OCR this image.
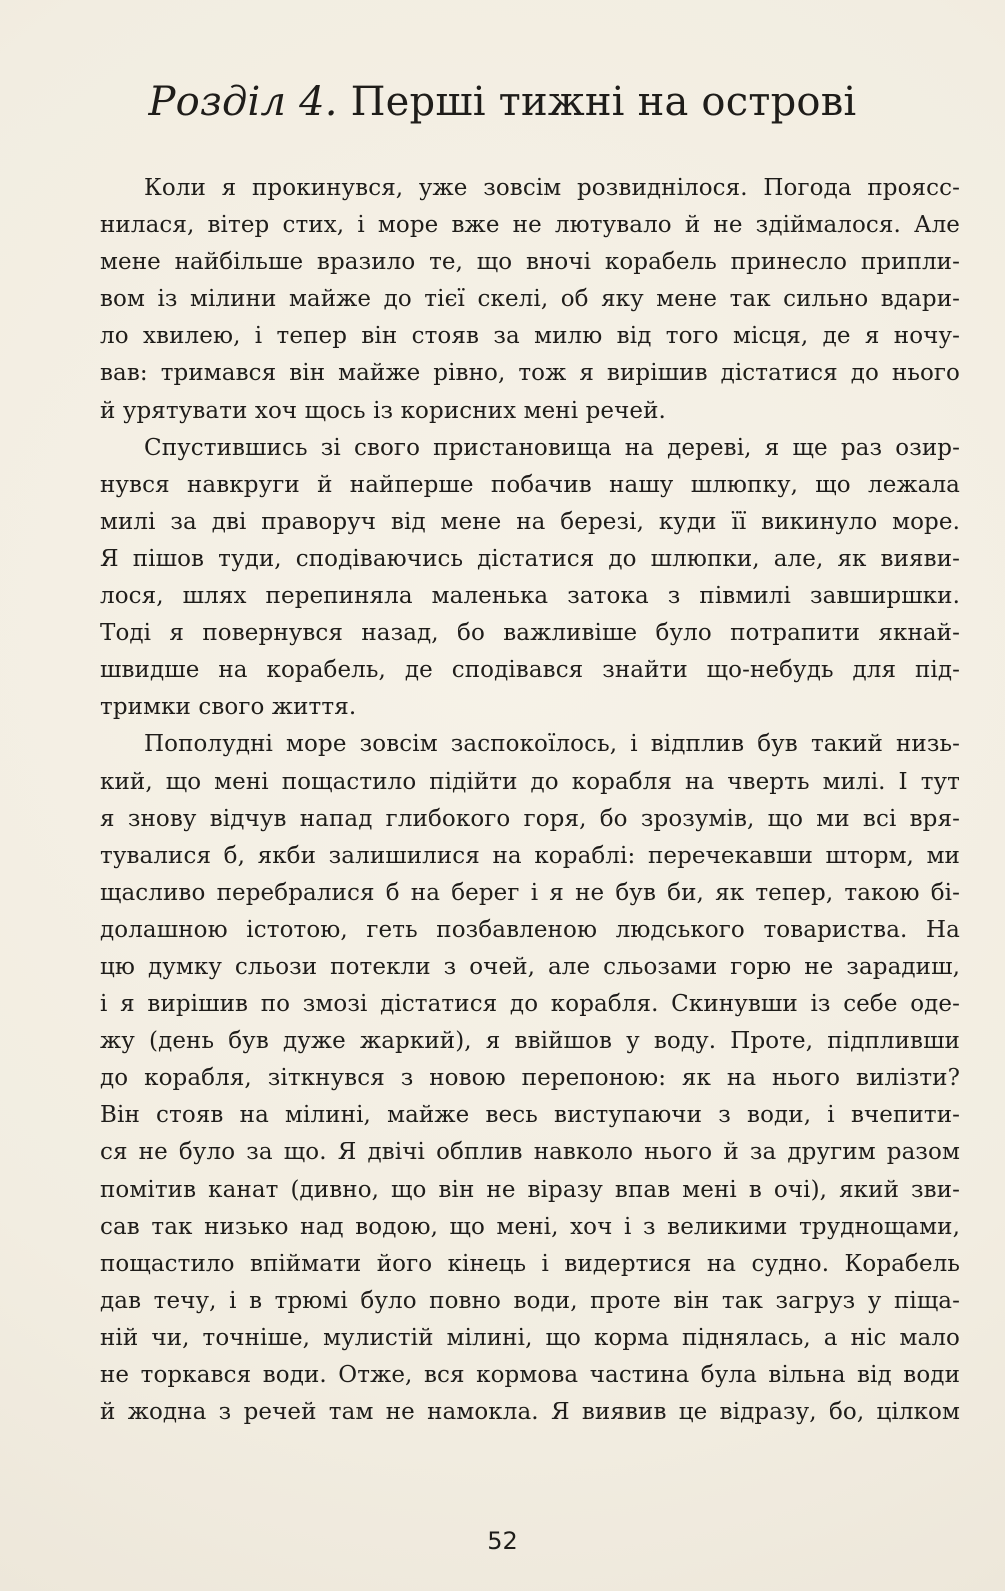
Розділ 4. Перші тижні на острові
Коли я прокинувся, уже зовсім розвиднілося. Погода проясс-
нилася, вітер стих, і море вже не лютувало й не здіймалося. Але
мене найбільше вразило те, що вночі корабель принесло припли-
вом із мілини майже до тієї скелі, об яку мене так сильно вдари-
ло хвилею, і тепер він стояв за милю від того місця, де я ночу-
вав: тримався він майже рівно, тож я вирішив дістатися до нього
й урятувати хоч щось із корисних мені речей.
Спустившись зі свого пристановища на дереві, я ще раз озир-
нувся навкруги й найперше побачив нашу шлюпку, що лежала
милі за дві праворуч від мене на березі, куди її викинуло море.
Я пішов туди, сподіваючись дістатися до шлюпки, але, як вияви-
лося, шлях перепиняла маленька затока з півмилі завширшки.
Тоді я повернувся назад, бо важливіше було потрапити якнай-
швидше на корабель, де сподівався знайти що-небудь для під-
тримки свого життя.
Пополудні море зовсім заспокоїлось, і відплив був такий низь-
кий, що мені пощастило підійти до корабля на чверть милі. І тут
я знову відчув напад глибокого горя, бо зрозумів, що ми всі вря-
тувалися б, якби залишилися на кораблі: перечекавши шторм, ми
щасливо перебралися б на берег і я не був би, як тепер, такою бі-
долашною істотою, геть позбавленою людського товариства. На
цю думку сльози потекли з очей, але сльозами горю не зарадиш,
і я вирішив по змозі дістатися до корабля. Скинувши із себе оде-
жу (день був дуже жаркий), я ввійшов у воду. Проте, підпливши
до корабля, зіткнувся з новою перепоною: як на нього вилізти?
Він стояв на мілині, майже весь виступаючи з води, і вчепити-
ся не було за що. Я двічі обплив навколо нього й за другим разом
помітив канат (дивно, що він не віразу впав мені в очі), який зви-
сав так низько над водою, що мені, хоч і з великими труднощами,
пощастило впіймати його кінець і видертися на судно. Корабель
дав течу, і в трюмі було повно води, проте він так загруз у піща-
ній чи, точніше, мулистій мілині, що корма піднялась, а ніс мало
не торкався води. Отже, вся кормова частина була вільна від води
й жодна з речей там не намокла. Я виявив це відразу, бо, цілком
52
